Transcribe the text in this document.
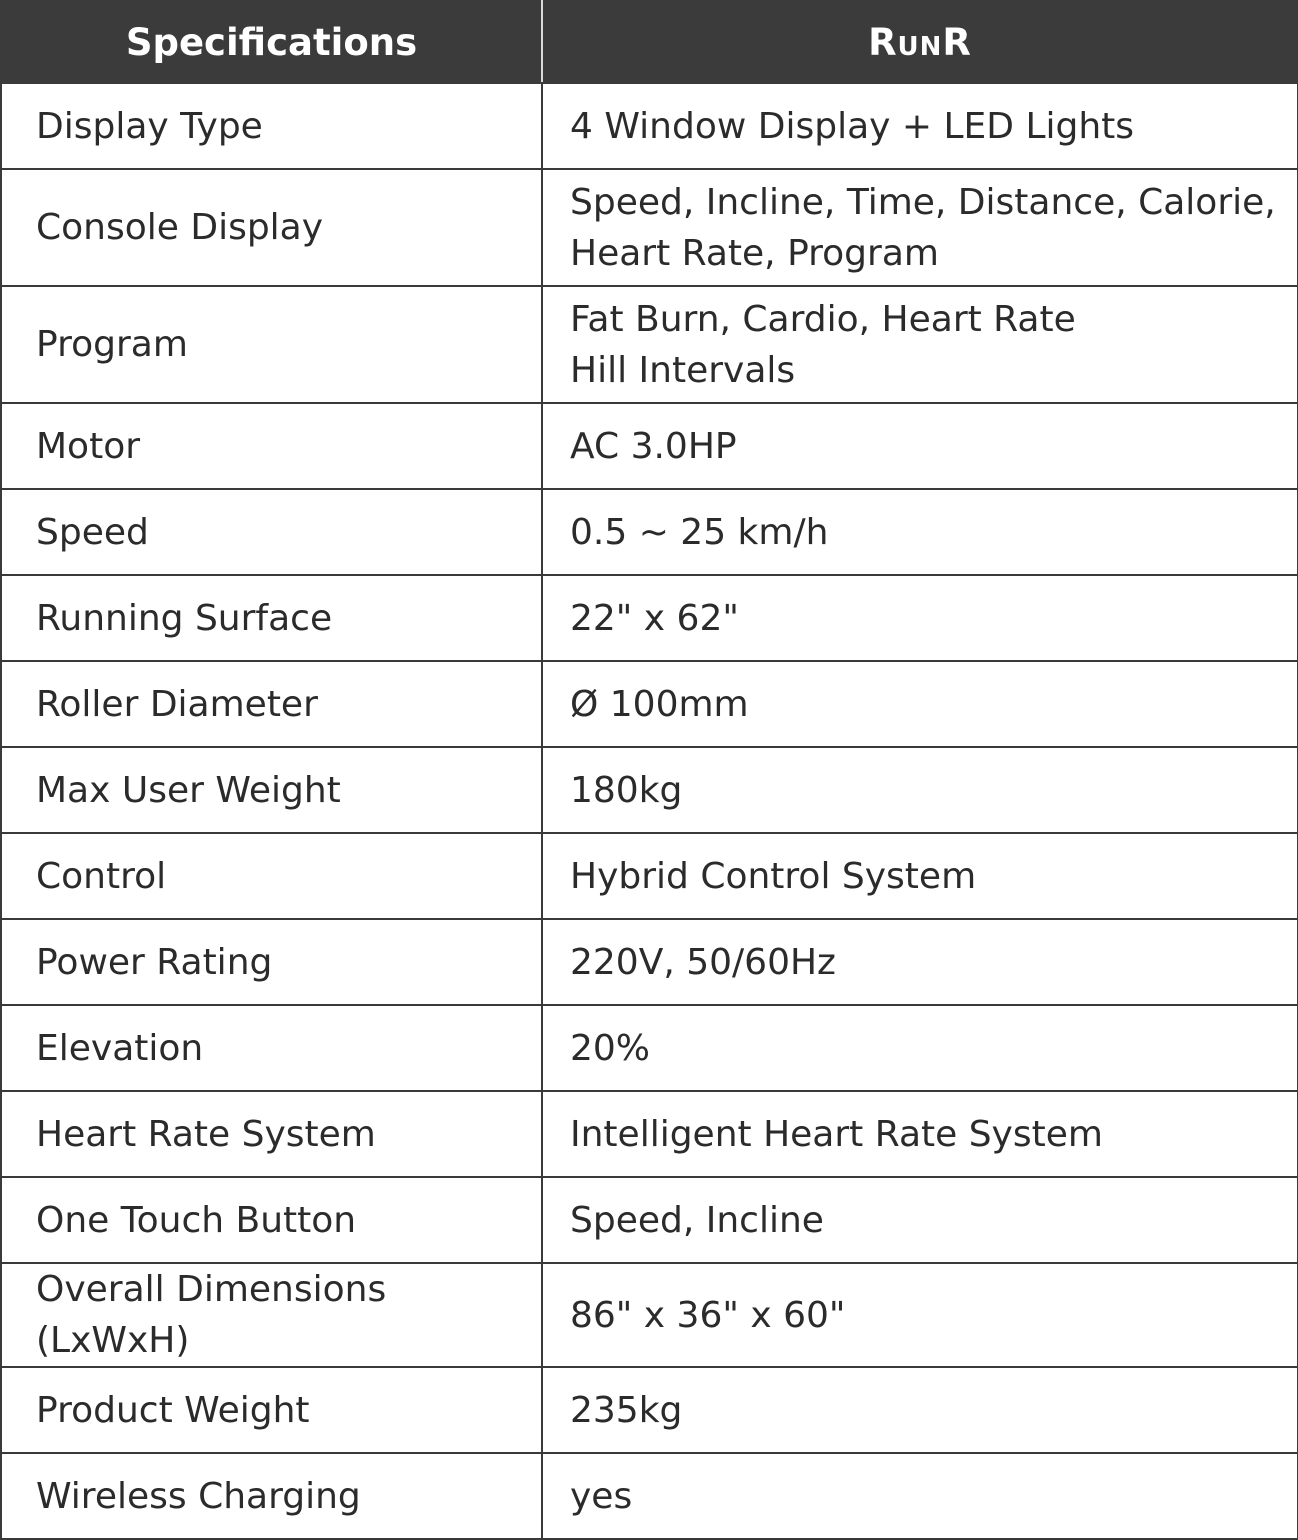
Specifications	RunR
Display Type	4 Window Display + LED Lights

Console Display	Speed, Incline, Time, Distance, Calorie,
Heart Rate, Program

Program	Fat Burn, Cardio, Heart Rate
Hill Intervals

Motor	AC 3.0HP

Speed	0.5 ~ 25 km/h

Running Surface	22" x 62"

Roller Diameter	Ø 100mm

Max User Weight	180kg

Control	Hybrid Control System

Power Rating	220V, 50/60Hz

Elevation	20%

Heart Rate System	Intelligent Heart Rate System

One Touch Button	Speed, Incline

Overall Dimensions (LxWxH)	86" x 36" x 60"

Product Weight	235kg

Wireless Charging	yes
